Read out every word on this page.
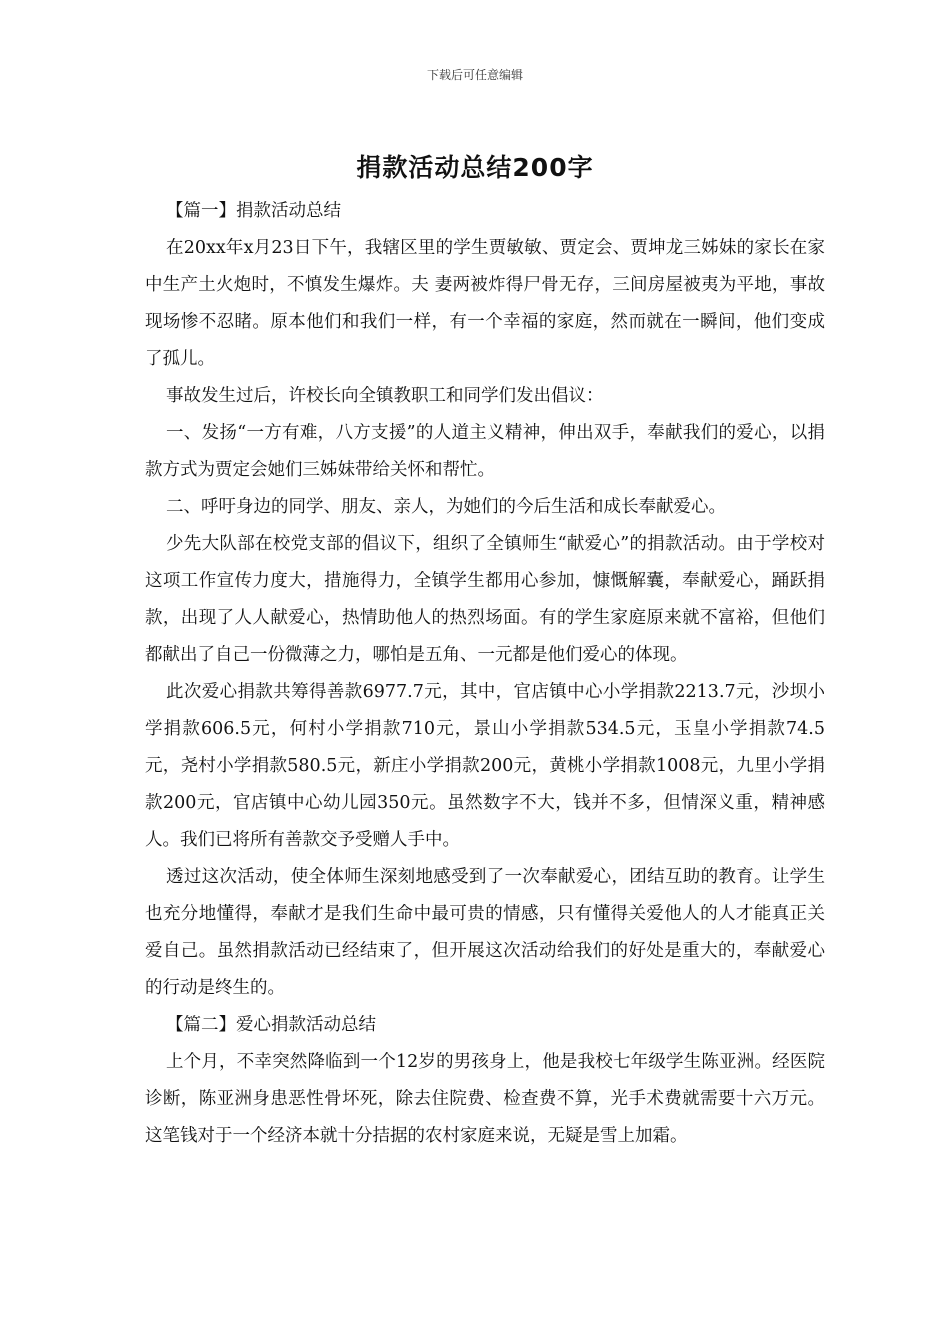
下载后可任意编辑
捐款活动总结200字

【篇一】捐款活动总结

在20xx年x月23日下午，我辖区里的学生贾敏敏、贾定会、贾坤龙三姊妹的家长在家中生产土火炮时，不慎发生爆炸。夫 妻两被炸得尸骨无存，三间房屋被夷为平地，事故现场惨不忍睹。原本他们和我们一样，有一个幸福的家庭，然而就在一瞬间，他们变成了孤儿。

事故发生过后，许校长向全镇教职工和同学们发出倡议：

一、发扬“一方有难，八方支援”的人道主义精神，伸出双手，奉献我们的爱心，以捐款方式为贾定会她们三姊妹带给关怀和帮忙。

二、呼吁身边的同学、朋友、亲人，为她们的今后生活和成长奉献爱心。

少先大队部在校党支部的倡议下，组织了全镇师生“献爱心”的捐款活动。由于学校对这项工作宣传力度大，措施得力，全镇学生都用心参加，慷慨解囊，奉献爱心，踊跃捐款，出现了人人献爱心，热情助他人的热烈场面。有的学生家庭原来就不富裕，但他们都献出了自己一份微薄之力，哪怕是五角、一元都是他们爱心的体现。

此次爱心捐款共筹得善款6977.7元，其中，官店镇中心小学捐款2213.7元，沙坝小学捐款606.5元，何村小学捐款710元，景山小学捐款534.5元，玉皇小学捐款74.5元，尧村小学捐款580.5元，新庄小学捐款200元，黄桃小学捐款1008元，九里小学捐款200元，官店镇中心幼儿园350元。虽然数字不大，钱并不多，但情深义重，精神感人。我们已将所有善款交予受赠人手中。

透过这次活动，使全体师生深刻地感受到了一次奉献爱心，团结互助的教育。让学生也充分地懂得，奉献才是我们生命中最可贵的情感，只有懂得关爱他人的人才能真正关爱自己。虽然捐款活动已经结束了，但开展这次活动给我们的好处是重大的，奉献爱心的行动是终生的。

【篇二】爱心捐款活动总结

上个月，不幸突然降临到一个12岁的男孩身上，他是我校七年级学生陈亚洲。经医院诊断，陈亚洲身患恶性骨坏死，除去住院费、检查费不算，光手术费就需要十六万元。这笔钱对于一个经济本就十分拮据的农村家庭来说，无疑是雪上加霜。
